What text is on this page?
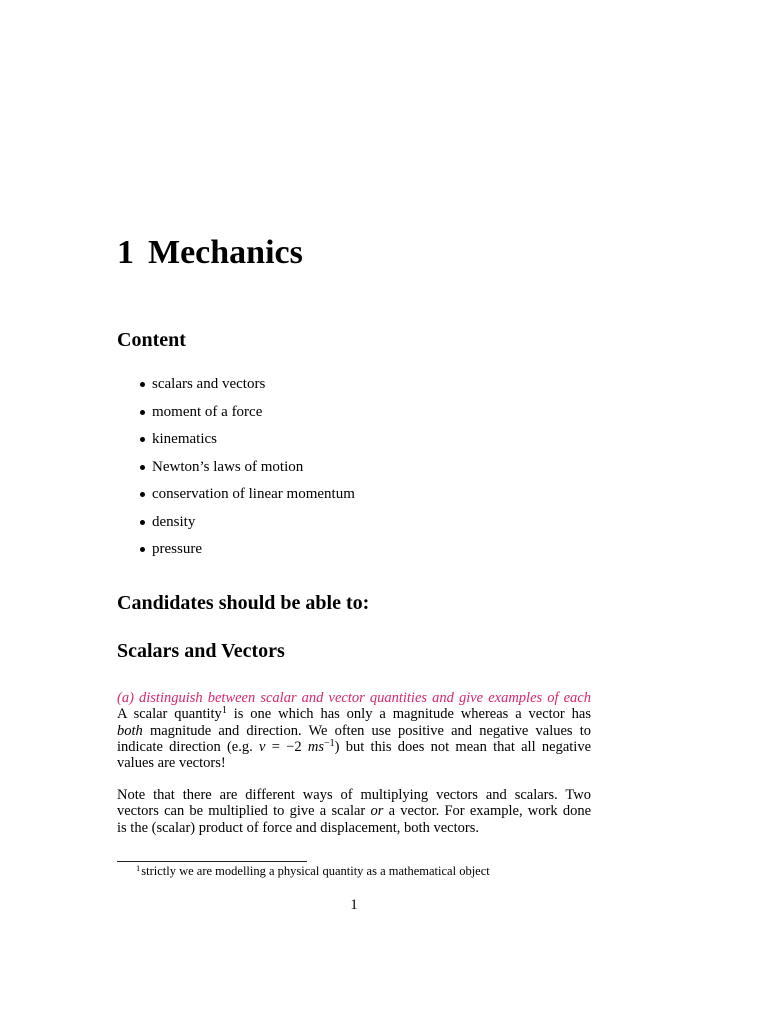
1 Mechanics
Content
scalars and vectors
moment of a force
kinematics
Newton’s laws of motion
conservation of linear momentum
density
pressure
Candidates should be able to:
Scalars and Vectors
(a) distinguish between scalar and vector quantities and give examples of each
A scalar quantity$^1$ is one which has only a magnitude whereas a vector has
both magnitude and direction. We often use positive and negative values to
indicate direction (e.g. v = −2 $ms^{-1}$) but this does not mean that all negative
values are vectors!
Note that there are different ways of multiplying vectors and scalars. Two
vectors can be multiplied to give a scalar or a vector. For example, work done
is the (scalar) product of force and displacement, both vectors.
$^1$strictly we are modelling a physical quantity as a mathematical object
1
